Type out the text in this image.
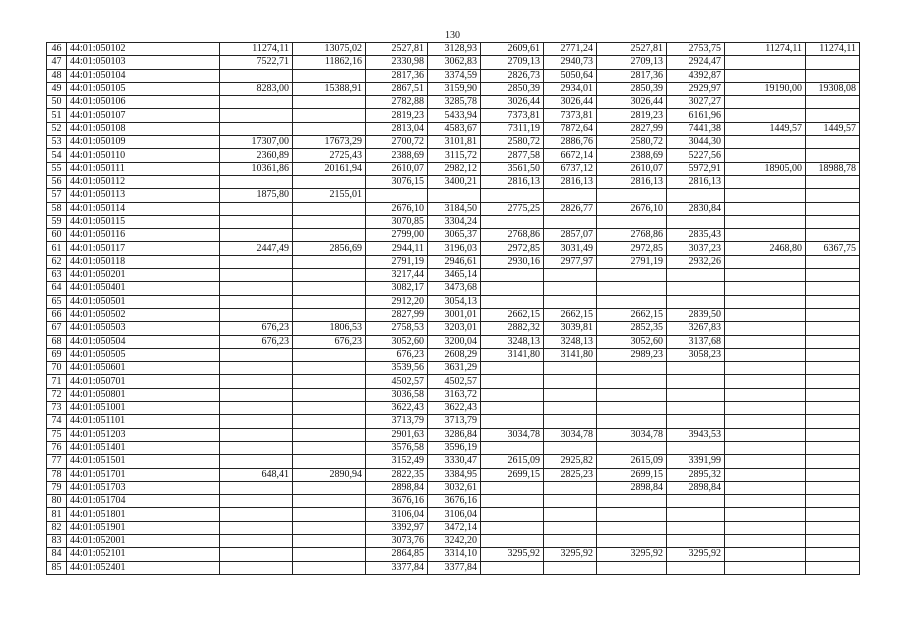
130
46	44:01:050102	11274,11	13075,02	2527,81	3128,93	2609,61	2771,24	2527,81	2753,75	11274,11	11274,11
47	44:01:050103	7522,71	11862,16	2330,98	3062,83	2709,13	2940,73	2709,13	2924,47		
48	44:01:050104			2817,36	3374,59	2826,73	5050,64	2817,36	4392,87		
49	44:01:050105	8283,00	15388,91	2867,51	3159,90	2850,39	2934,01	2850,39	2929,97	19190,00	19308,08
50	44:01:050106			2782,88	3285,78	3026,44	3026,44	3026,44	3027,27		
51	44:01:050107			2819,23	5433,94	7373,81	7373,81	2819,23	6161,96		
52	44:01:050108			2813,04	4583,67	7311,19	7872,64	2827,99	7441,38	1449,57	1449,57
53	44:01:050109	17307,00	17673,29	2700,72	3101,81	2580,72	2886,76	2580,72	3044,30		
54	44:01:050110	2360,89	2725,43	2388,69	3115,72	2877,58	6672,14	2388,69	5227,56		
55	44:01:050111	10361,86	20161,94	2610,07	2982,12	3561,50	6737,12	2610,07	5972,91	18905,00	18988,78
56	44:01:050112			3076,15	3400,21	2816,13	2816,13	2816,13	2816,13		
57	44:01:050113	1875,80	2155,01								
58	44:01:050114			2676,10	3184,50	2775,25	2826,77	2676,10	2830,84		
59	44:01:050115			3070,85	3304,24						
60	44:01:050116			2799,00	3065,37	2768,86	2857,07	2768,86	2835,43		
61	44:01:050117	2447,49	2856,69	2944,11	3196,03	2972,85	3031,49	2972,85	3037,23	2468,80	6367,75
62	44:01:050118			2791,19	2946,61	2930,16	2977,97	2791,19	2932,26		
63	44:01:050201			3217,44	3465,14						
64	44:01:050401			3082,17	3473,68						
65	44:01:050501			2912,20	3054,13						
66	44:01:050502			2827,99	3001,01	2662,15	2662,15	2662,15	2839,50		
67	44:01:050503	676,23	1806,53	2758,53	3203,01	2882,32	3039,81	2852,35	3267,83		
68	44:01:050504	676,23	676,23	3052,60	3200,04	3248,13	3248,13	3052,60	3137,68		
69	44:01:050505			676,23	2608,29	3141,80	3141,80	2989,23	3058,23		
70	44:01:050601			3539,56	3631,29						
71	44:01:050701			4502,57	4502,57						
72	44:01:050801			3036,58	3163,72						
73	44:01:051001			3622,43	3622,43						
74	44:01:051101			3713,79	3713,79						
75	44:01:051203			2901,63	3286,84	3034,78	3034,78	3034,78	3943,53		
76	44:01:051401			3576,58	3596,19						
77	44:01:051501			3152,49	3330,47	2615,09	2925,82	2615,09	3391,99		
78	44:01:051701	648,41	2890,94	2822,35	3384,95	2699,15	2825,23	2699,15	2895,32		
79	44:01:051703			2898,84	3032,61			2898,84	2898,84		
80	44:01:051704			3676,16	3676,16						
81	44:01:051801			3106,04	3106,04						
82	44:01:051901			3392,97	3472,14						
83	44:01:052001			3073,76	3242,20						
84	44:01:052101			2864,85	3314,10	3295,92	3295,92	3295,92	3295,92		
85	44:01:052401			3377,84	3377,84						
